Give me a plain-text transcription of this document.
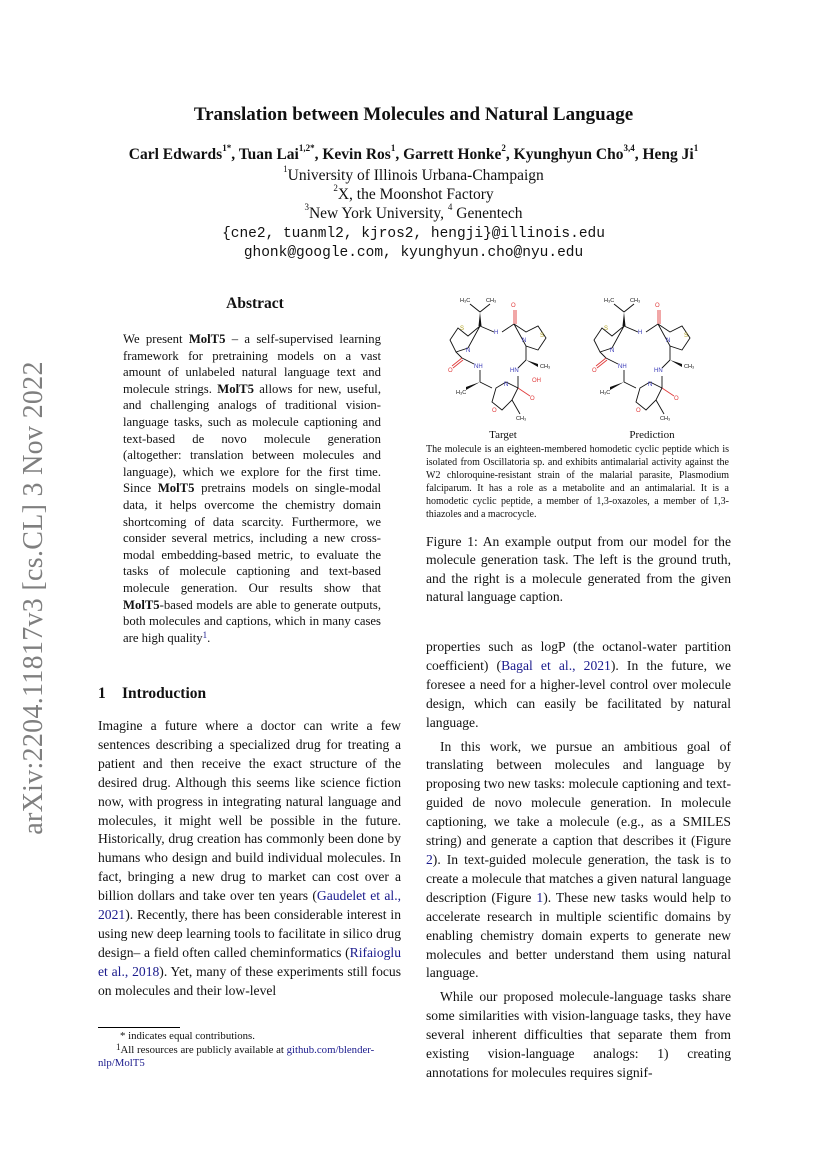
arXiv:2204.11817v3 [cs.CL] 3 Nov 2022
Translation between Molecules and Natural Language
Carl Edwards$^{1*}$, Tuan Lai$^{1,2*}$, Kevin Ros$^1$, Garrett Honke$^2$, Kyunghyun Cho$^{3,4}$, Heng Ji$^1$
$^1$University of Illinois Urbana-Champaign
$^2$X, the Moonshot Factory
$^3$New York University, $^4$ Genentech
{cne2, tuanml2, kjros2, hengji}@illinois.edu
ghonk@google.com, kyunghyun.cho@nyu.edu
Abstract
We present MolT5 – a self-supervised learning framework for pretraining models on a vast amount of unlabeled natural language text and molecule strings. MolT5 allows for new, useful, and challenging analogs of traditional vision-language tasks, such as molecule captioning and text-based de novo molecule generation (altogether: translation between molecules and language), which we explore for the first time. Since MolT5 pretrains models on single-modal data, it helps overcome the chemistry domain shortcoming of data scarcity. Furthermore, we consider several metrics, including a new cross-modal embedding-based metric, to evaluate the tasks of molecule captioning and text-based molecule generation. Our results show that MolT5-based models are able to generate outputs, both molecules and captions, which in many cases are high quality$^1$.
1 Introduction

Imagine a future where a doctor can write a few sentences describing a specialized drug for treating a patient and then receive the exact structure of the desired drug. Although this seems like science fiction now, with progress in integrating natural language and molecules, it might well be possible in the future. Historically, drug creation has commonly been done by humans who design and build individual molecules. In fact, bringing a new drug to market can cost over a billion dollars and take over ten years (Gaudelet et al., 2021). Recently, there has been considerable interest in using new deep learning tools to facilitate in silico drug design– a field often called cheminformatics (Rifaioglu et al., 2018). Yet, many of these experiments still focus on molecules and their low-level

* indicates equal contributions.

$^1$All resources are publicly available at github.com/blender-nlp/MolT5

H₃C	CH₃
S
S
N
N
H
O
O
NH
HN
CH₃
OH
O
N
O
H₃C
CH₃
H₃C	CH₃
S
S
N
N
H
O
O
NH
HN
CH₃
O
N
O
H₃C
CH₃
Target	Prediction
The molecule is an eighteen-membered homodetic cyclic peptide which is isolated from Oscillatoria sp. and exhibits antimalarial activity against the W2 chloroquine-resistant strain of the malarial parasite, Plasmodium falciparum. It has a role as a metabolite and an antimalarial. It is a homodetic cyclic peptide, a member of 1,3-oxazoles, a member of 1,3-thiazoles and a macrocycle.
Figure 1: An example output from our model for the molecule generation task. The left is the ground truth, and the right is a molecule generated from the given natural language caption.

properties such as logP (the octanol-water partition coefficient) (Bagal et al., 2021). In the future, we foresee a need for a higher-level control over molecule design, which can easily be facilitated by natural language.

In this work, we pursue an ambitious goal of translating between molecules and language by proposing two new tasks: molecule captioning and text-guided de novo molecule generation. In molecule captioning, we take a molecule (e.g., as a SMILES string) and generate a caption that describes it (Figure 2). In text-guided molecule generation, the task is to create a molecule that matches a given natural language description (Figure 1). These new tasks would help to accelerate research in multiple scientific domains by enabling chemistry domain experts to generate new molecules and better understand them using natural language.

While our proposed molecule-language tasks share some similarities with vision-language tasks, they have several inherent difficulties that separate them from existing vision-language analogs: 1) creating annotations for molecules requires signif-
